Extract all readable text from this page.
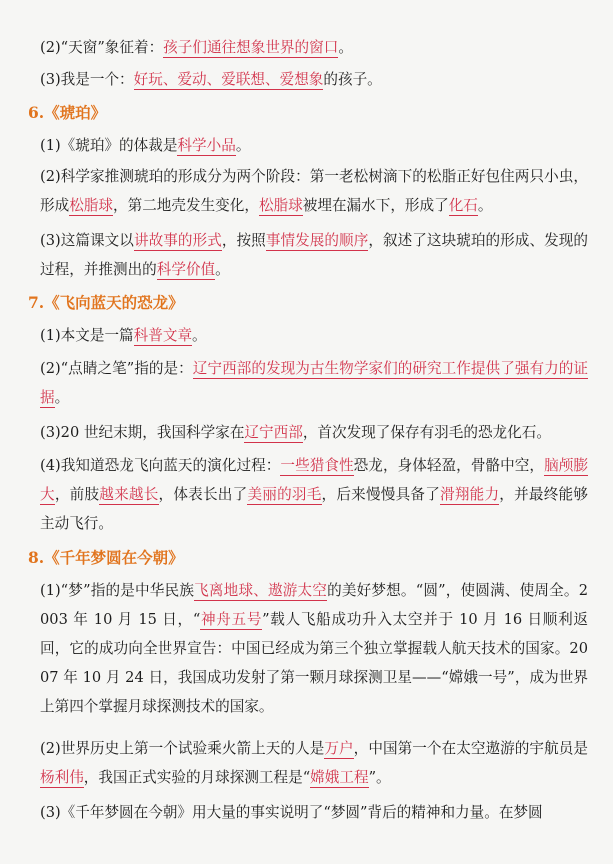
(2)“天窗”象征着：孩子们通往想象世界的窗口。

(3)我是一个：好玩、爱动、爱联想、爱想象的孩子。

6.《琥珀》

(1)《琥珀》的体裁是科学小品。

(2)科学家推测琥珀的形成分为两个阶段：第一老松树滴下的松脂正好包住两只小虫，形成松脂球，第二地壳发生变化，松脂球被埋在漏水下，形成了化石。

(3)这篇课文以讲故事的形式，按照事情发展的顺序，叙述了这块琥珀的形成、发现的过程，并推测出的科学价值。

7.《飞向蓝天的恐龙》

(1)本文是一篇科普文章。

(2)“点睛之笔”指的是：辽宁西部的发现为古生物学家们的研究工作提供了强有力的证据。

(3)20 世纪末期，我国科学家在辽宁西部，首次发现了保存有羽毛的恐龙化石。

(4)我知道恐龙飞向蓝天的演化过程：一些猎食性恐龙，身体轻盈，骨骼中空，脑颅膨大，前肢越来越长，体表长出了美丽的羽毛，后来慢慢具备了滑翔能力，并最终能够主动飞行。

8.《千年梦圆在今朝》

(1)“梦”指的是中华民族飞离地球、遨游太空的美好梦想。“圆”，使圆满、使周全。2003 年 10 月 15 日，“神舟五号”载人飞船成功升入太空并于 10 月 16 日顺利返回，它的成功向全世界宣告：中国已经成为第三个独立掌握载人航天技术的国家。2007 年 10 月 24 日，我国成功发射了第一颗月球探测卫星——“嫦娥一号”，成为世界上第四个掌握月球探测技术的国家。

(2)世界历史上第一个试验乘火箭上天的人是万户，中国第一个在太空遨游的宇航员是杨利伟，我国正式实验的月球探测工程是“嫦娥工程”。

(3)《千年梦圆在今朝》用大量的事实说明了“梦圆”背后的精神和力量。在梦圆
